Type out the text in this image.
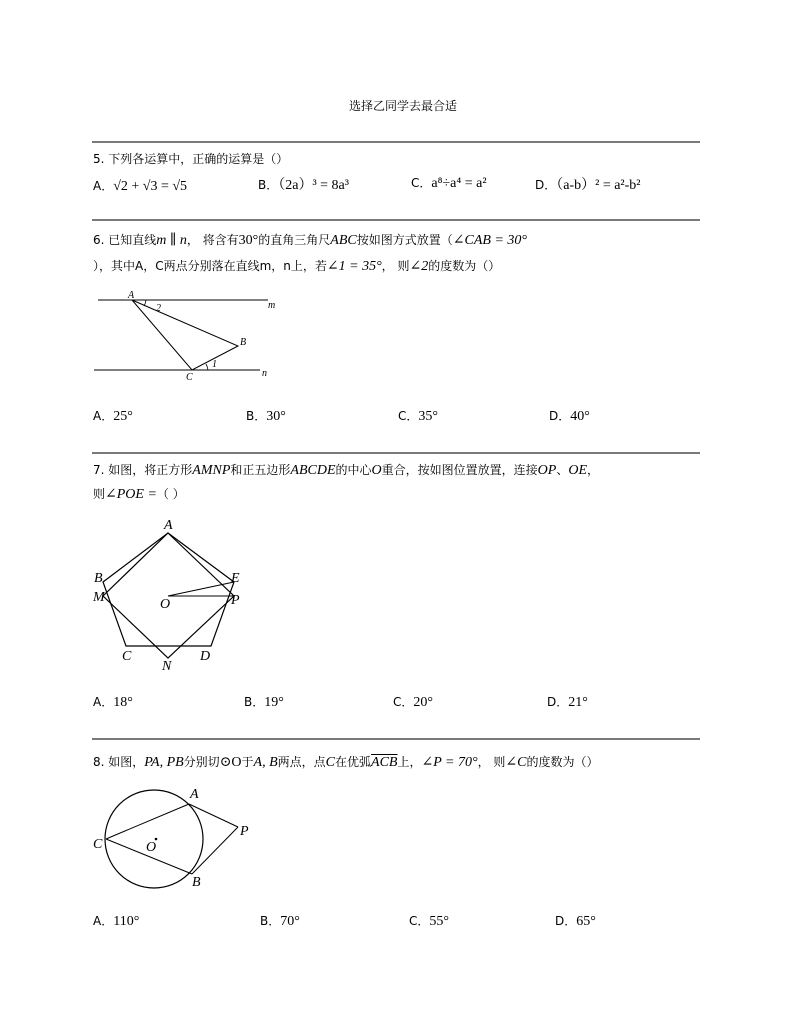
选择乙同学去最合适
5. 下列各运算中，正确的运算是（）
A．√2 + √3 = √5	B．（2a）³ = 8a³	C．a⁸÷a⁴ = a²	D．（a-b）² = a²-b²
6. 已知直线m ∥ n， 将含有30°的直角三角尺ABC按如图方式放置（∠CAB = 30°
），其中A，C两点分别落在直线m，n上，若∠1 = 35°， 则∠2的度数为（）
A
B
C
m
n
1
2
A．25°	B．30°	C．35°	D．40°
7. 如图，将正方形AMNP和正五边形ABCDE的中心O重合，按如图位置放置，连接OP、OE，
则∠POE =（ ）
A
B
M
C
N
D
O
E
P
A．18°	B．19°	C．20°	D．21°
8. 如图，PA, PB分别切⊙O于A, B两点，点C在优弧$\overline{ACB}$上，∠P = 70°， 则∠C的度数为（）
A
B
C	O
P
A．110°	B．70°	C．55°	D．65°
